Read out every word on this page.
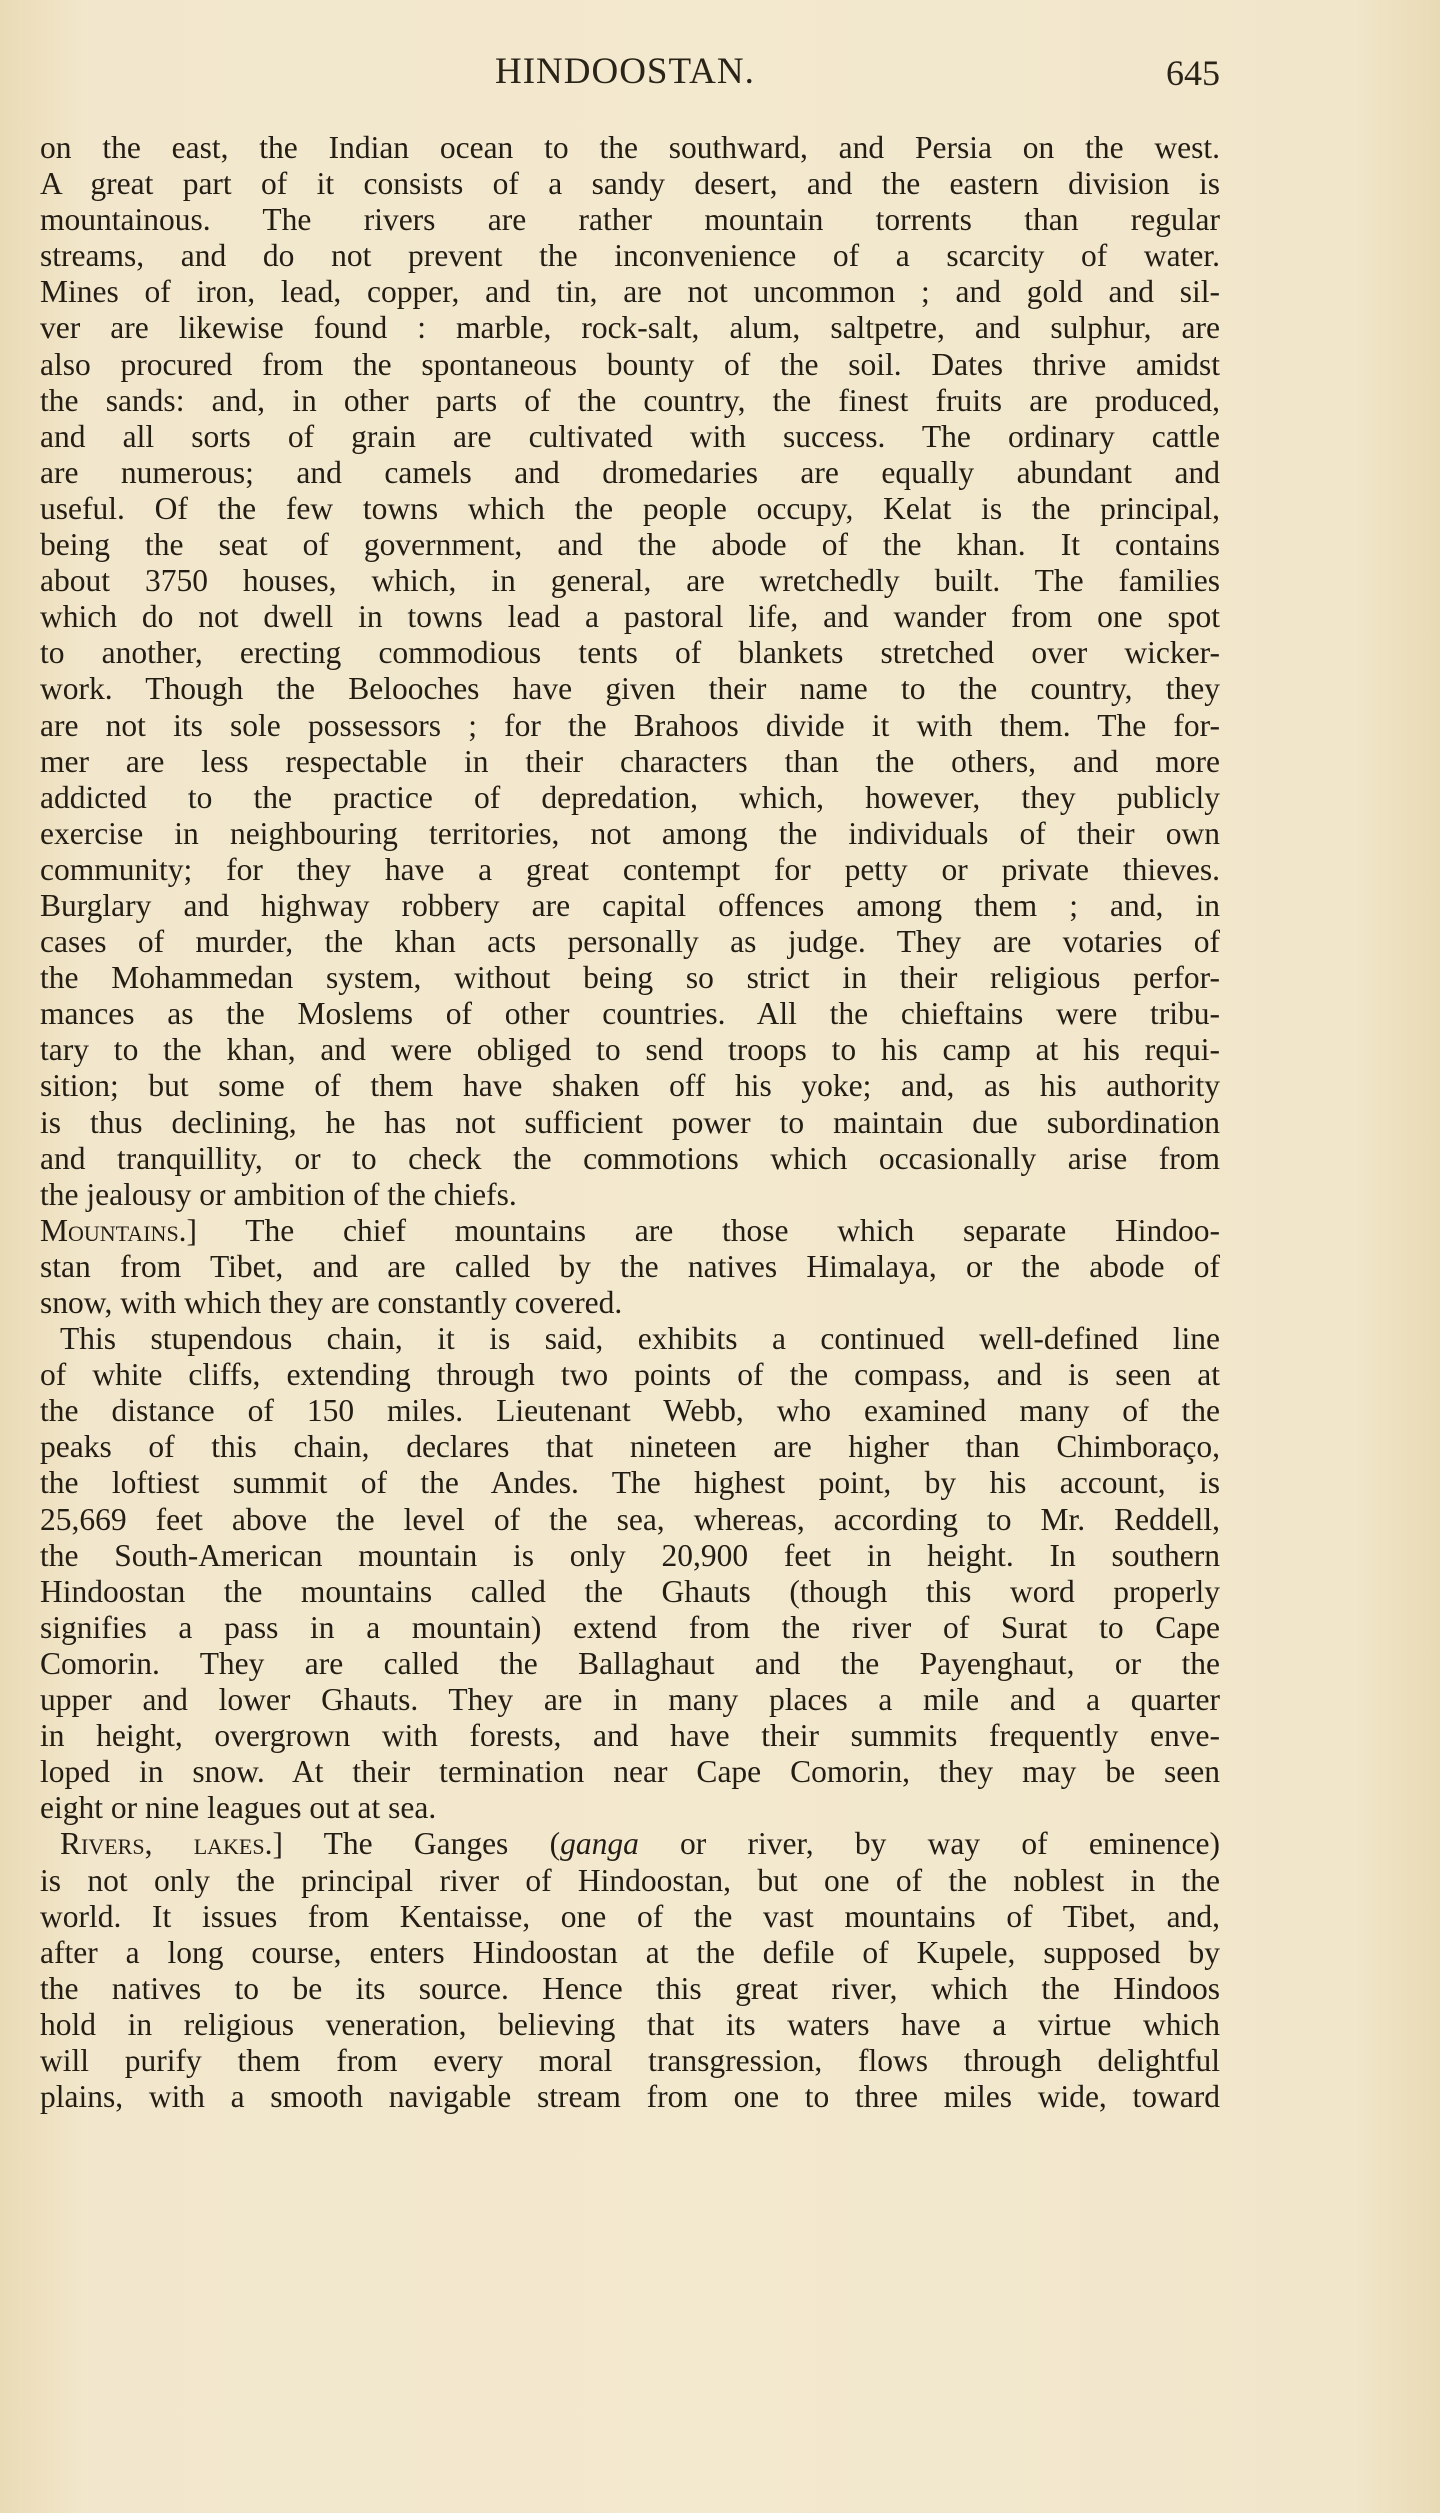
HINDOOSTAN.	645
on the east, the Indian ocean to the southward, and Persia on the west.
A great part of it consists of a sandy desert, and the eastern division is
mountainous. The rivers are rather mountain torrents than regular
streams, and do not prevent the inconvenience of a scarcity of water.
Mines of iron, lead, copper, and tin, are not uncommon ; and gold and sil-
ver are likewise found : marble, rock-salt, alum, saltpetre, and sulphur, are
also procured from the spontaneous bounty of the soil. Dates thrive amidst
the sands: and, in other parts of the country, the finest fruits are produced,
and all sorts of grain are cultivated with success. The ordinary cattle
are numerous; and camels and dromedaries are equally abundant and
useful. Of the few towns which the people occupy, Kelat is the principal,
being the seat of government, and the abode of the khan. It contains
about 3750 houses, which, in general, are wretchedly built. The families
which do not dwell in towns lead a pastoral life, and wander from one spot
to another, erecting commodious tents of blankets stretched over wicker-
work. Though the Belooches have given their name to the country, they
are not its sole possessors ; for the Brahoos divide it with them. The for-
mer are less respectable in their characters than the others, and more
addicted to the practice of depredation, which, however, they publicly
exercise in neighbouring territories, not among the individuals of their own
community; for they have a great contempt for petty or private thieves.
Burglary and highway robbery are capital offences among them ; and, in
cases of murder, the khan acts personally as judge. They are votaries of
the Mohammedan system, without being so strict in their religious perfor-
mances as the Moslems of other countries. All the chieftains were tribu-
tary to the khan, and were obliged to send troops to his camp at his requi-
sition; but some of them have shaken off his yoke; and, as his authority
is thus declining, he has not sufficient power to maintain due subordination
and tranquillity, or to check the commotions which occasionally arise from
the jealousy or ambition of the chiefs.
Mountains.] The chief mountains are those which separate Hindoo-
stan from Tibet, and are called by the natives Himalaya, or the abode of
snow, with which they are constantly covered.
This stupendous chain, it is said, exhibits a continued well-defined line
of white cliffs, extending through two points of the compass, and is seen at
the distance of 150 miles. Lieutenant Webb, who examined many of the
peaks of this chain, declares that nineteen are higher than Chimboraço,
the loftiest summit of the Andes. The highest point, by his account, is
25,669 feet above the level of the sea, whereas, according to Mr. Reddell,
the South-American mountain is only 20,900 feet in height. In southern
Hindoostan the mountains called the Ghauts (though this word properly
signifies a pass in a mountain) extend from the river of Surat to Cape
Comorin. They are called the Ballaghaut and the Payenghaut, or the
upper and lower Ghauts. They are in many places a mile and a quarter
in height, overgrown with forests, and have their summits frequently enve-
loped in snow. At their termination near Cape Comorin, they may be seen
eight or nine leagues out at sea.
Rivers, lakes.] The Ganges (ganga or river, by way of eminence)
is not only the principal river of Hindoostan, but one of the noblest in the
world. It issues from Kentaisse, one of the vast mountains of Tibet, and,
after a long course, enters Hindoostan at the defile of Kupele, supposed by
the natives to be its source. Hence this great river, which the Hindoos
hold in religious veneration, believing that its waters have a virtue which
will purify them from every moral transgression, flows through delightful
plains, with a smooth navigable stream from one to three miles wide, toward
